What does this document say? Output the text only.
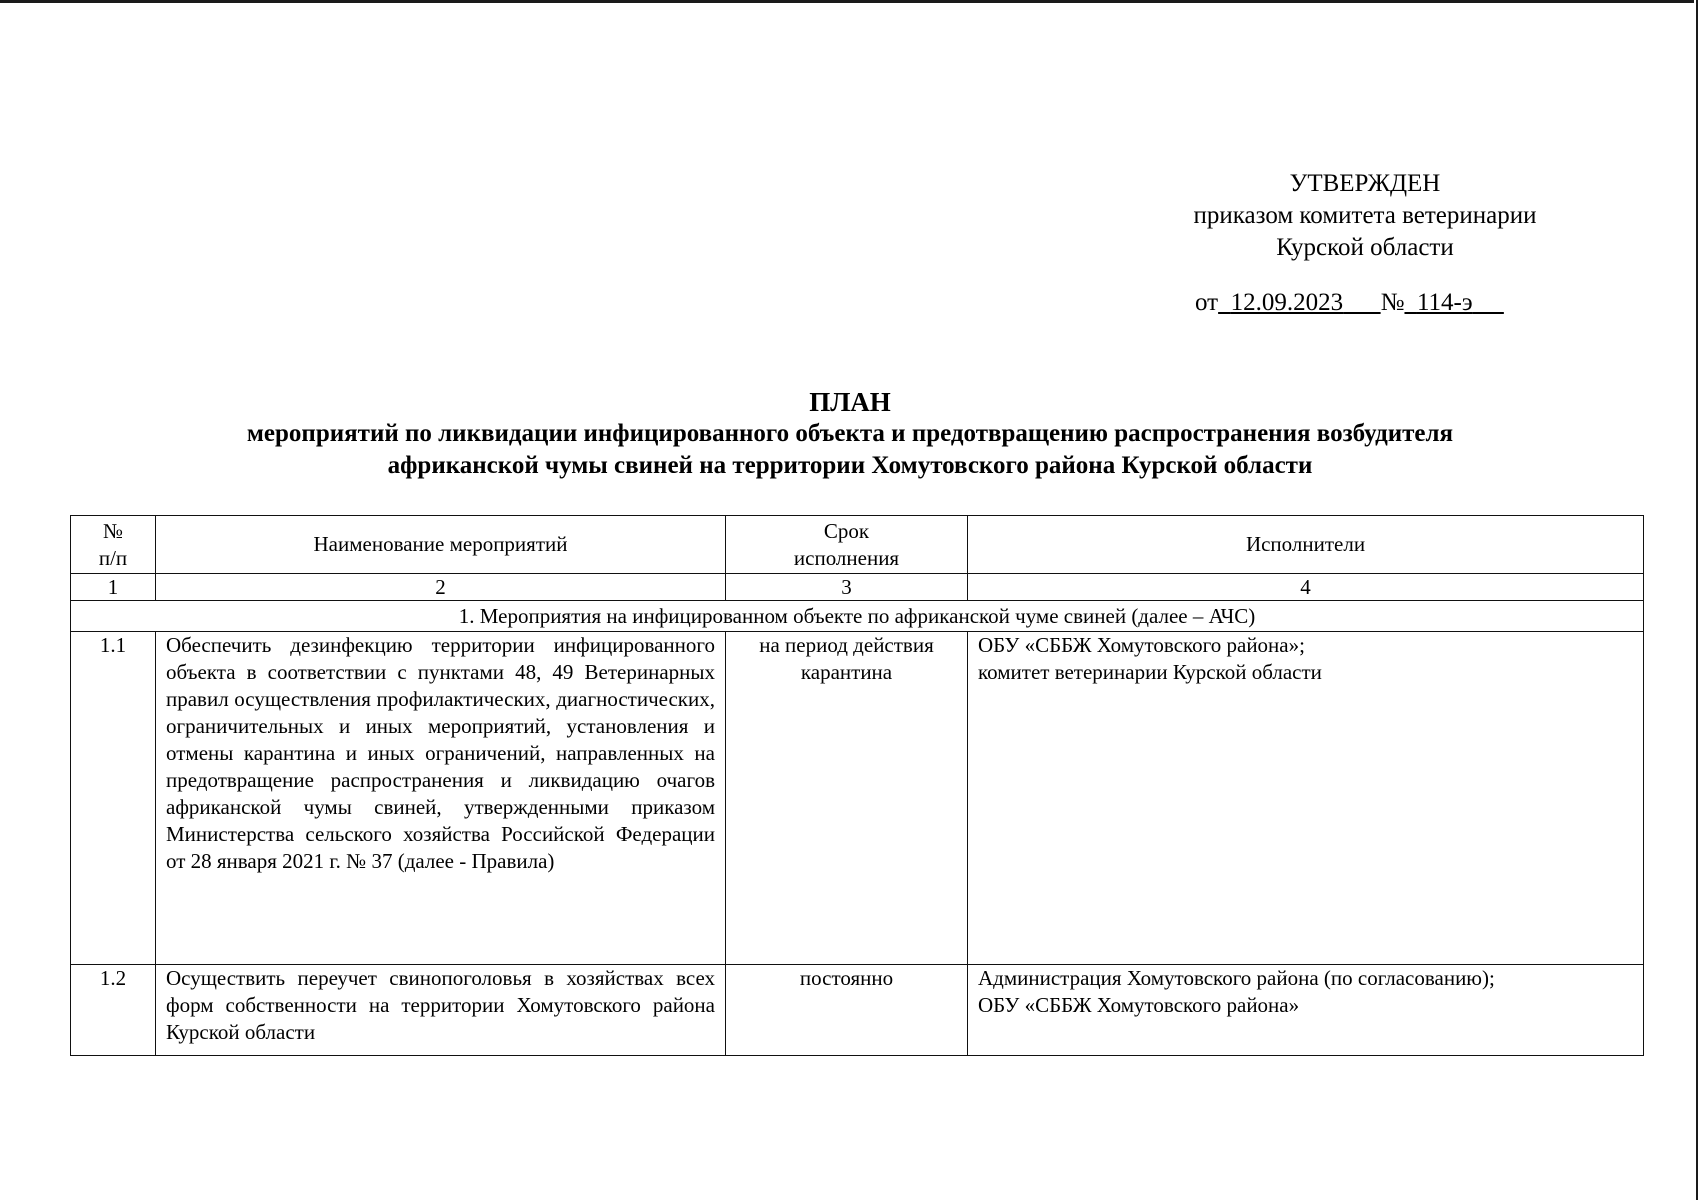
УТВЕРЖДЕН
приказом комитета ветеринарии
Курской области
от 12.09.2023 № 114-э
ПЛАН
мероприятий по ликвидации инфицированного объекта и предотвращению распространения возбудителя
африканской чумы свиней на территории Хомутовского района Курской области
№ п/п	Наименование мероприятий	Срок исполнения	Исполнители
1	2	3	4
1. Мероприятия на инфицированном объекте по африканской чуме свиней (далее – АЧС)			
1.1	Обеспечить дезинфекцию территории инфицированного объекта в соответствии с пунктами 48, 49 Ветеринарных правил осуществления профилактических, диагностических, ограничительных и иных мероприятий, установления и отмены карантина и иных ограничений, направленных на предотвращение распространения и ликвидацию очагов африканской чумы свиней, утвержденными приказом Министерства сельского хозяйства Российской Федерации от 28 января 2021 г. № 37 (далее - Правила)	на период действия карантина	ОБУ «СББЖ Хомутовского района»;
комитет ветеринарии Курской области

1.2	Осуществить переучет свинопоголовья в хозяйствах всех форм собственности на территории Хомутовского района Курской области	постоянно	Администрация Хомутовского района (по согласованию);
ОБУ «СББЖ Хомутовского района»
